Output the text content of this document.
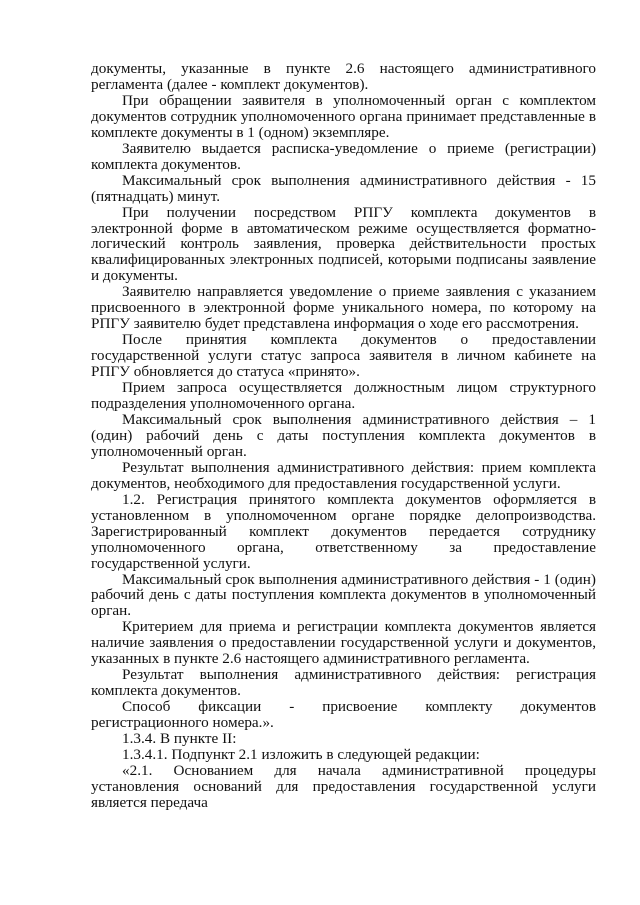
документы, указанные в пункте 2.6 настоящего административного регламента (далее - комплект документов).

При обращении заявителя в уполномоченный орган с комплектом документов сотрудник уполномоченного органа принимает представленные в комплекте документы в 1 (одном) экземпляре.

Заявителю выдается расписка-уведомление о приеме (регистрации) комплекта документов.

Максимальный срок выполнения административного действия - 15 (пятнадцать) минут.

При получении посредством РПГУ комплекта документов в электронной форме в автоматическом режиме осуществляется форматно-логический контроль заявления, проверка действительности простых квалифицированных электронных подписей, которыми подписаны заявление и документы.

Заявителю направляется уведомление о приеме заявления с указанием присвоенного в электронной форме уникального номера, по которому на РПГУ заявителю будет представлена информация о ходе его рассмотрения.

После принятия комплекта документов о предоставлении государственной услуги статус запроса заявителя в личном кабинете на РПГУ обновляется до статуса «принято».

Прием запроса осуществляется должностным лицом структурного подразделения уполномоченного органа.

Максимальный срок выполнения административного действия – 1 (один) рабочий день с даты поступления комплекта документов в уполномоченный орган.

Результат выполнения административного действия: прием комплекта документов, необходимого для предоставления государственной услуги.

1.2. Регистрация принятого комплекта документов оформляется в установленном в уполномоченном органе порядке делопроизводства. Зарегистрированный комплект документов передается сотруднику уполномоченного органа, ответственному за предоставление государственной услуги.

Максимальный срок выполнения административного действия - 1 (один) рабочий день с даты поступления комплекта документов в уполномоченный орган.

Критерием для приема и регистрации комплекта документов является наличие заявления о предоставлении государственной услуги и документов, указанных в пункте 2.6 настоящего административного регламента.

Результат выполнения административного действия: регистрация комплекта документов.

Способ фиксации - присвоение комплекту документов регистрационного номера.».

1.3.4. В пункте II:

1.3.4.1. Подпункт 2.1 изложить в следующей редакции:

«2.1. Основанием для начала административной процедуры установления оснований для предоставления государственной услуги является передача
